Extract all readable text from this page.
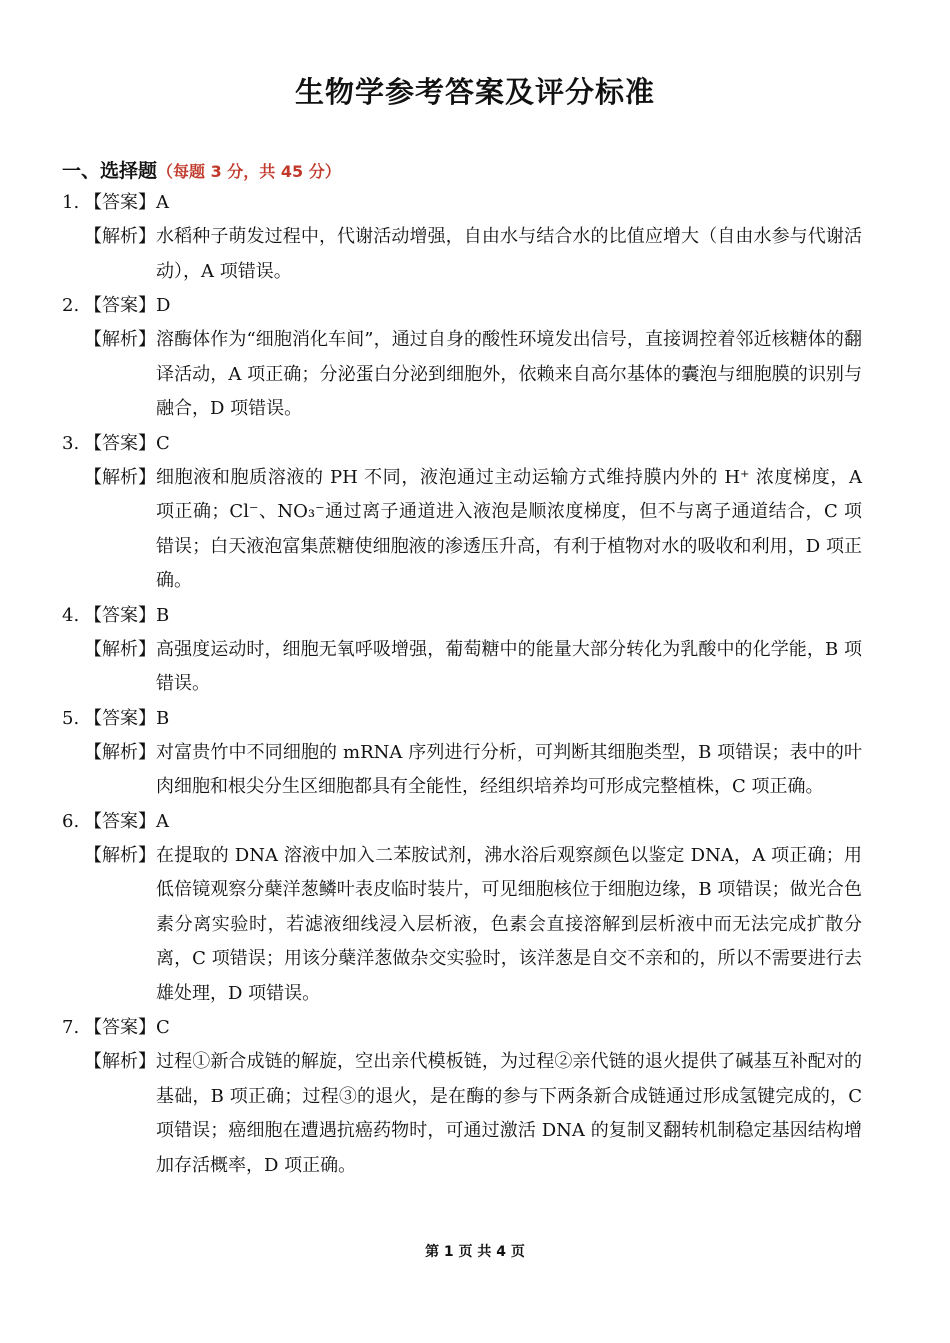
生物学参考答案及评分标准
一、选择题（每题 3 分，共 45 分）
1. 【答案】A
【解析】 水稻种子萌发过程中，代谢活动增强，自由水与结合水的比值应增大（自由水参与代谢活动），A 项错误。
2. 【答案】D
【解析】 溶酶体作为“细胞消化车间”，通过自身的酸性环境发出信号，直接调控着邻近核糖体的翻译活动，A 项正确；分泌蛋白分泌到细胞外，依赖来自高尔基体的囊泡与细胞膜的识别与融合，D 项错误。
3. 【答案】C
【解析】 细胞液和胞质溶液的 PH 不同，液泡通过主动运输方式维持膜内外的 H⁺ 浓度梯度，A 项正确；Cl⁻、NO₃⁻通过离子通道进入液泡是顺浓度梯度，但不与离子通道结合，C 项错误；白天液泡富集蔗糖使细胞液的渗透压升高，有利于植物对水的吸收和利用，D 项正确。
4. 【答案】B
【解析】 高强度运动时，细胞无氧呼吸增强，葡萄糖中的能量大部分转化为乳酸中的化学能，B 项错误。
5. 【答案】B
【解析】 对富贵竹中不同细胞的 mRNA 序列进行分析，可判断其细胞类型，B 项错误；表中的叶肉细胞和根尖分生区细胞都具有全能性，经组织培养均可形成完整植株，C 项正确。
6. 【答案】A
【解析】 在提取的 DNA 溶液中加入二苯胺试剂，沸水浴后观察颜色以鉴定 DNA，A 项正确；用低倍镜观察分蘖洋葱鳞叶表皮临时装片，可见细胞核位于细胞边缘，B 项错误；做光合色素分离实验时，若滤液细线浸入层析液，色素会直接溶解到层析液中而无法完成扩散分离，C 项错误；用该分蘖洋葱做杂交实验时，该洋葱是自交不亲和的，所以不需要进行去雄处理，D 项错误。
7. 【答案】C
【解析】 过程①新合成链的解旋，空出亲代模板链，为过程②亲代链的退火提供了碱基互补配对的基础，B 项正确；过程③的退火，是在酶的参与下两条新合成链通过形成氢键完成的，C 项错误；癌细胞在遭遇抗癌药物时，可通过激活 DNA 的复制叉翻转机制稳定基因结构增加存活概率，D 项正确。
第 1 页 共 4 页
